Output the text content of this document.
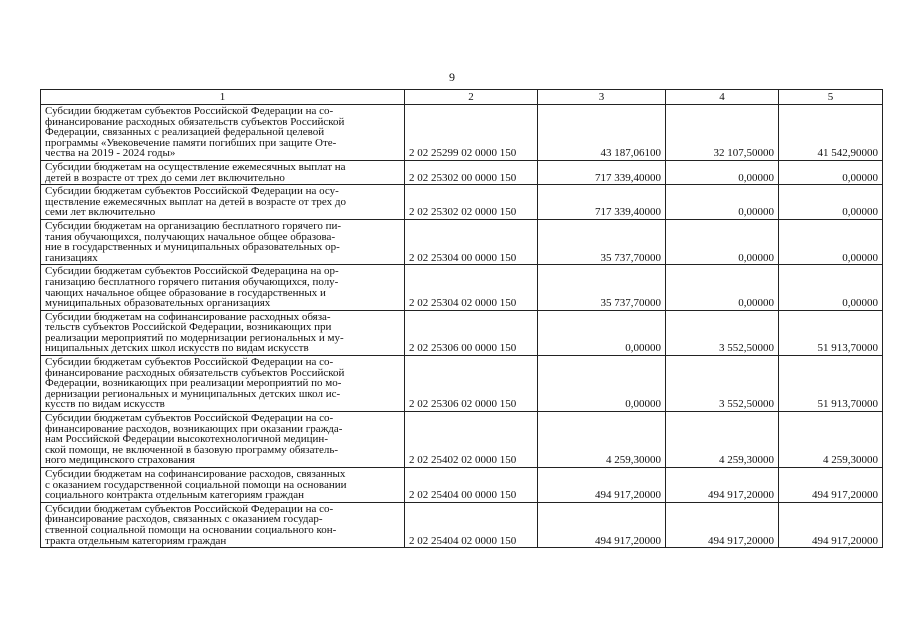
9
1	2	3	4	5
Субсидии бюджетам субъектов Российской Федерации на со-
финансирование расходных обязательств субъектов Российской
Федерации, связанных с реализацией федеральной целевой
программы «Увековечение памяти погибших при защите Оте-
чества на 2019 - 2024 годы»	2 02 25299 02 0000 150	43 187,06100	32 107,50000	41 542,90000
Субсидии бюджетам на осуществление ежемесячных выплат на
детей в возрасте от трех до семи лет включительно	2 02 25302 00 0000 150	717 339,40000	0,00000	0,00000
Субсидии бюджетам субъектов Российской Федерации на осу-
ществление ежемесячных выплат на детей в возрасте от трех до
семи лет включительно	2 02 25302 02 0000 150	717 339,40000	0,00000	0,00000
Субсидии бюджетам на организацию бесплатного горячего пи-
тания обучающихся, получающих начальное общее образова-
ние в государственных и муниципальных образовательных ор-
ганизациях	2 02 25304 00 0000 150	35 737,70000	0,00000	0,00000
Субсидии бюджетам субъектов Российской Федерацина на ор-
ганизацию бесплатного горячего питания обучающихся, полу-
чающих начальное общее образование в государственных и
муниципальных образовательных организациях	2 02 25304 02 0000 150	35 737,70000	0,00000	0,00000
Субсидии бюджетам на софинансирование расходных обяза-
тельств субъектов Российской Федерации, возникающих при
реализации мероприятий по модернизации региональных и му-
ниципальных детских школ искусств по видам искусств	2 02 25306 00 0000 150	0,00000	3 552,50000	51 913,70000
Субсидии бюджетам субъектов Российской Федерации на со-
финансирование расходных обязательств субъектов Российской
Федерации, возникающих при реализации мероприятий по мо-
дернизации региональных и муниципальных детских школ ис-
кусств по видам искусств	2 02 25306 02 0000 150	0,00000	3 552,50000	51 913,70000
Субсидии бюджетам субъектов Российской Федерации на со-
финансирование расходов, возникающих при оказании гражда-
нам Российской Федерации высокотехнологичной медицин-
ской помощи, не включенной в базовую программу обязатель-
ного медицинского страхования	2 02 25402 02 0000 150	4 259,30000	4 259,30000	4 259,30000
Субсидии бюджетам на софинансирование расходов, связанных
с оказанием государственной социальной помощи на основании
социального контракта отдельным категориям граждан	2 02 25404 00 0000 150	494 917,20000	494 917,20000	494 917,20000
Субсидии бюджетам субъектов Российской Федерации на со-
финансирование расходов, связанных с оказанием государ-
ственной социальной помощи на основании социального кон-
тракта отдельным категориям граждан	2 02 25404 02 0000 150	494 917,20000	494 917,20000	494 917,20000
